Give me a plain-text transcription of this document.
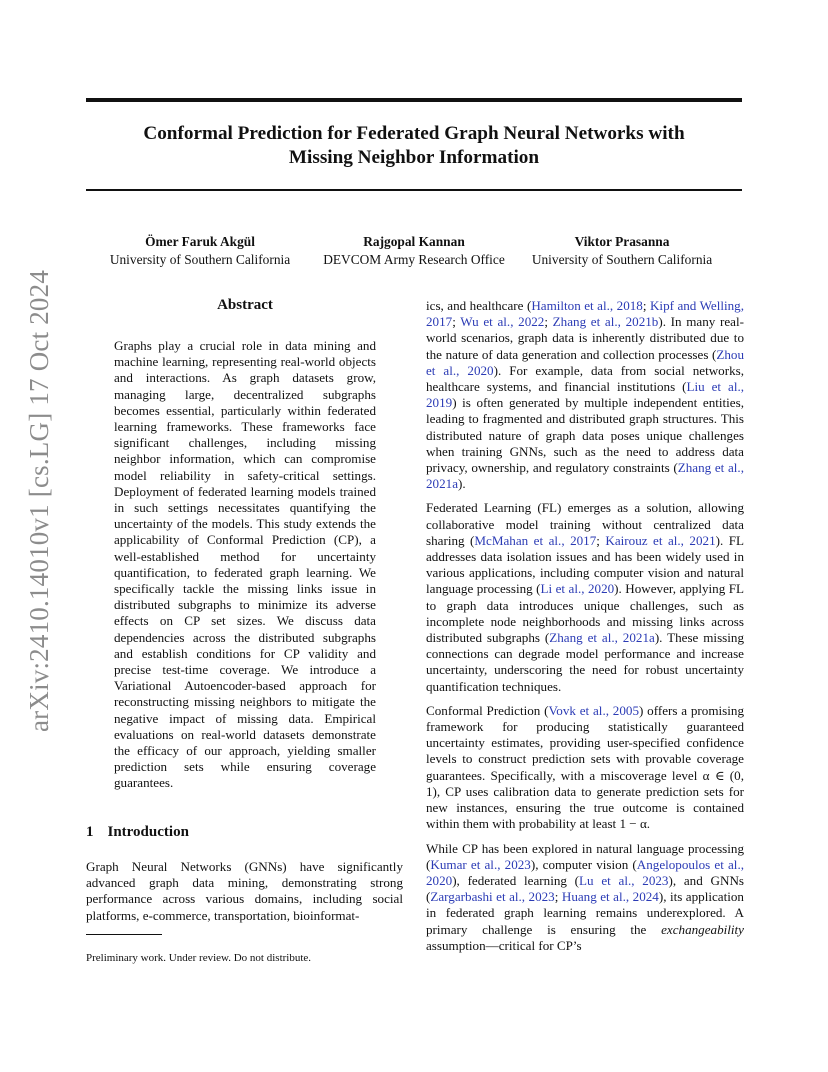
Conformal Prediction for Federated Graph Neural Networks with
Missing Neighbor Information
Ömer Faruk Akgül
University of Southern California
Rajgopal Kannan
DEVCOM Army Research Office
Viktor Prasanna
University of Southern California
arXiv:2410.14010v1 [cs.LG] 17 Oct 2024	Abstract

Graphs play a crucial role in data mining and machine learning, representing real-world objects and interactions. As graph datasets grow, managing large, decentralized subgraphs becomes essential, particularly within federated learning frameworks. These frameworks face significant challenges, including missing neighbor information, which can compromise model reliability in safety-critical settings. Deployment of federated learning models trained in such settings necessitates quantifying the uncertainty of the models. This study extends the applicability of Conformal Prediction (CP), a well-established method for uncertainty quantification, to federated graph learning. We specifically tackle the missing links issue in distributed subgraphs to minimize its adverse effects on CP set sizes. We discuss data dependencies across the distributed subgraphs and establish conditions for CP validity and precise test-time coverage. We introduce a Variational Autoencoder-based approach for reconstructing missing neighbors to mitigate the negative impact of missing data. Empirical evaluations on real-world datasets demonstrate the efficacy of our approach, yielding smaller prediction sets while ensuring coverage guarantees.

1 Introduction

Graph Neural Networks (GNNs) have significantly advanced graph data mining, demonstrating strong performance across various domains, including social platforms, e-commerce, transportation, bioinformat-

Preliminary work. Under review. Do not distribute.

ics, and healthcare (Hamilton et al., 2018; Kipf and Welling, 2017; Wu et al., 2022; Zhang et al., 2021b). In many real-world scenarios, graph data is inherently distributed due to the nature of data generation and collection processes (Zhou et al., 2020). For example, data from social networks, healthcare systems, and financial institutions (Liu et al., 2019) is often generated by multiple independent entities, leading to fragmented and distributed graph structures. This distributed nature of graph data poses unique challenges when training GNNs, such as the need to address data privacy, ownership, and regulatory constraints (Zhang et al., 2021a).

Federated Learning (FL) emerges as a solution, allowing collaborative model training without centralized data sharing (McMahan et al., 2017; Kairouz et al., 2021). FL addresses data isolation issues and has been widely used in various applications, including computer vision and natural language processing (Li et al., 2020). However, applying FL to graph data introduces unique challenges, such as incomplete node neighborhoods and missing links across distributed subgraphs (Zhang et al., 2021a). These missing connections can degrade model performance and increase uncertainty, underscoring the need for robust uncertainty quantification techniques.

Conformal Prediction (Vovk et al., 2005) offers a promising framework for producing statistically guaranteed uncertainty estimates, providing user-specified confidence levels to construct prediction sets with provable coverage guarantees. Specifically, with a miscoverage level α ∈ (0, 1), CP uses calibration data to generate prediction sets for new instances, ensuring the true outcome is contained within them with probability at least 1 − α.

While CP has been explored in natural language processing (Kumar et al., 2023), computer vision (Angelopoulos et al., 2020), federated learning (Lu et al., 2023), and GNNs (Zargarbashi et al., 2023; Huang et al., 2024), its application in federated graph learning remains underexplored. A primary challenge is ensuring the exchangeability assumption—critical for CP’s
